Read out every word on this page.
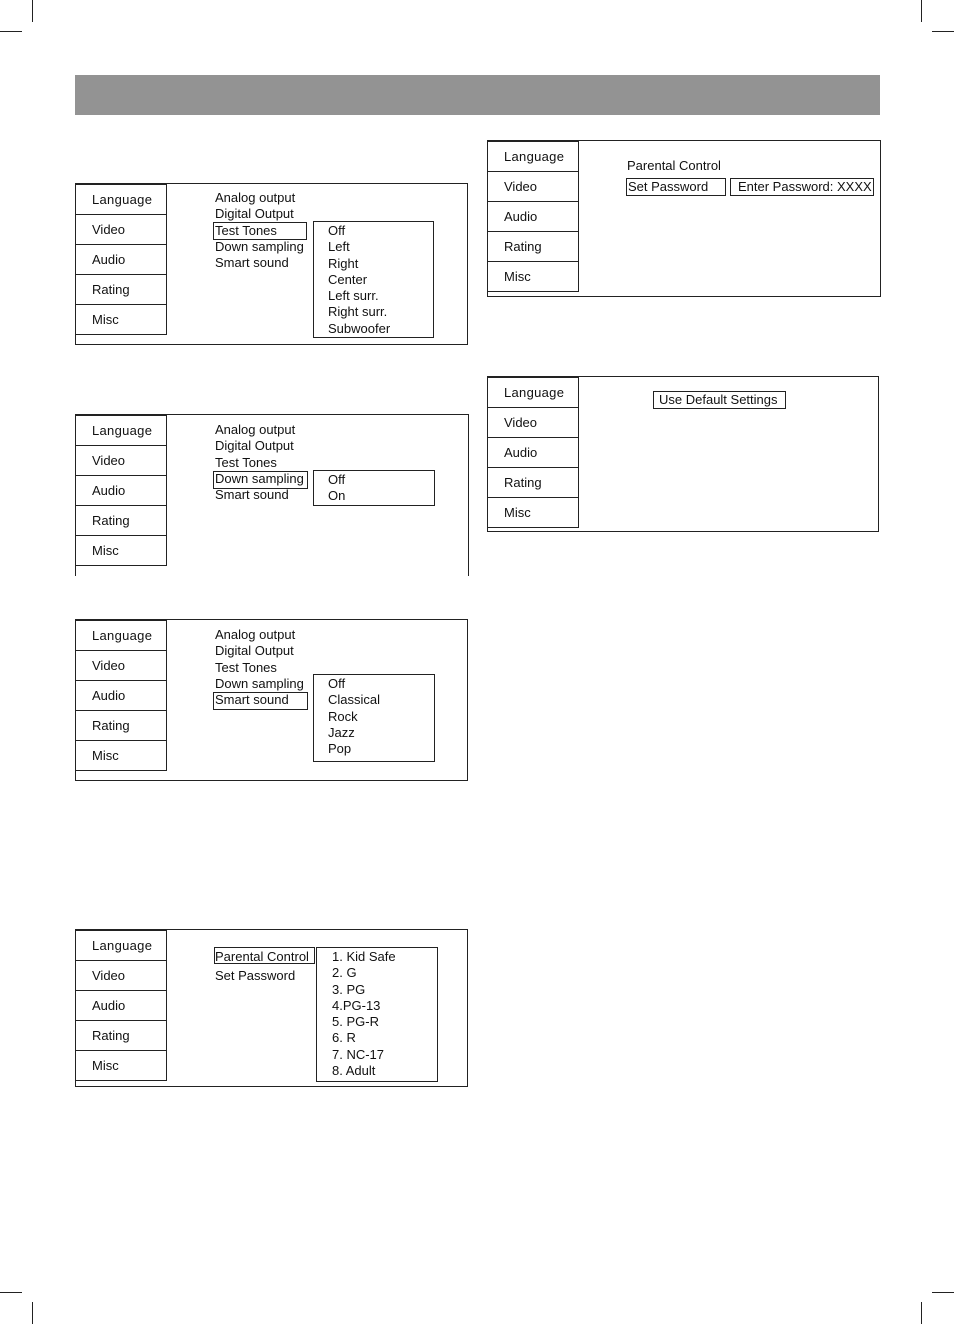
Language
Video
Audio
Rating
Misc
Analog output
Digital Output
Test Tones
Down sampling
Smart sound
Off
Left
Right
Center
Left surr.
Right surr.
Subwoofer
Language
Video
Audio
Rating
Misc
Analog output
Digital Output
Test Tones
Down sampling
Smart sound
Off
On
Language
Video
Audio
Rating
Misc
Analog output
Digital Output
Test Tones
Down sampling
Smart sound
Off
Classical
Rock
Jazz
Pop
Language
Video
Audio
Rating
Misc
Parental Control
Set Password
1. Kid Safe
2. G
3. PG
4.PG-13
5. PG-R
6. R
7. NC-17
8. Adult
Language
Video
Audio
Rating
Misc
Parental Control
Set Password	Enter Password: XXXX
Language
Video
Audio
Rating
Misc
Use Default Settings
